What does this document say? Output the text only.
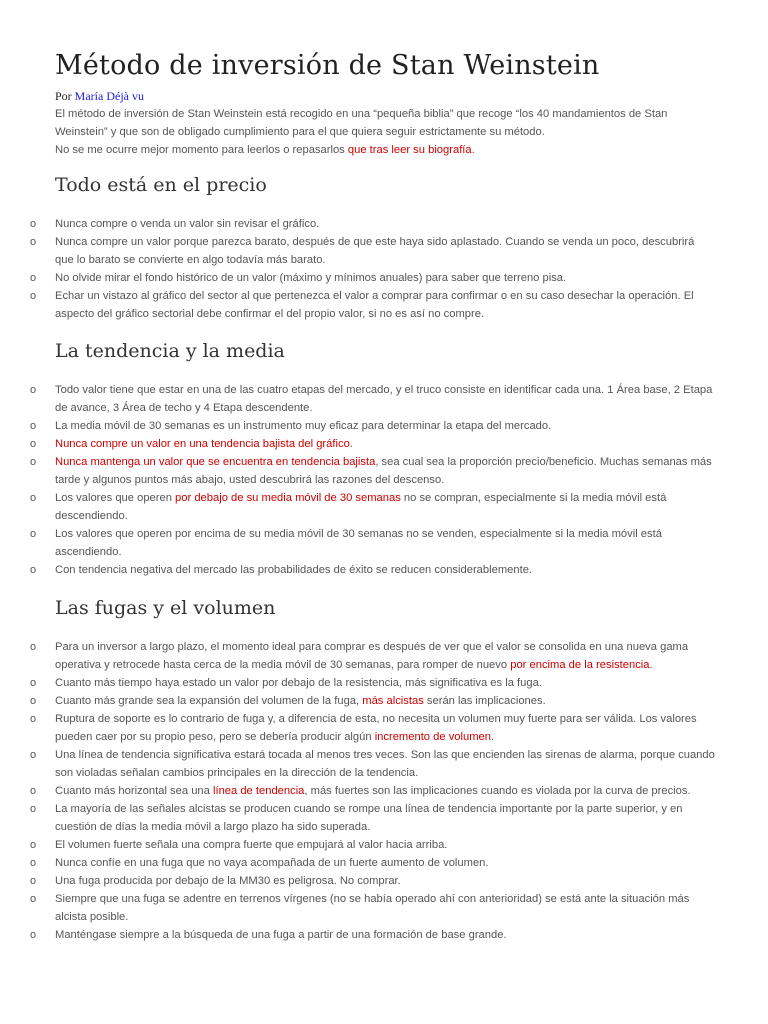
Método de inversión de Stan Weinstein
Por María Déjà vu

El método de inversión de Stan Weinstein está recogido en una “pequeña biblia” que recoge “los 40 mandamientos de Stan Weinstein” y que son de obligado cumplimiento para el que quiera seguir estrictamente su método.

No se me ocurre mejor momento para leerlos o repasarlos que tras leer su biografía.

Todo está en el precio
o Nunca compre o venda un valor sin revisar el gráfico.
o Nunca compre un valor porque parezca barato, después de que este haya sido aplastado. Cuando se venda un poco, descubrirá que lo barato se convierte en algo todavía más barato.
o No olvide mirar el fondo histórico de un valor (máximo y mínimos anuales) para saber que terreno pisa.
o Echar un vistazo al gráfico del sector al que pertenezca el valor a comprar para confirmar o en su caso desechar la operación. El aspecto del gráfico sectorial debe confirmar el del propio valor, si no es así no compre.
La tendencia y la media
o Todo valor tiene que estar en una de las cuatro etapas del mercado, y el truco consiste en identificar cada una. 1 Área base, 2 Etapa de avance, 3 Área de techo y 4 Etapa descendente.
o La media móvil de 30 semanas es un instrumento muy eficaz para determinar la etapa del mercado.
o Nunca compre un valor en una tendencia bajista del gráfico.
o Nunca mantenga un valor que se encuentra en tendencia bajista, sea cual sea la proporción precio/beneficio. Muchas semanas más tarde y algunos puntos más abajo, usted descubrirá las razones del descenso.
o Los valores que operen por debajo de su media móvil de 30 semanas no se compran, especialmente si la media móvil está descendiendo.
o Los valores que operen por encima de su media móvil de 30 semanas no se venden, especialmente si la media móvil está ascendiendo.
o Con tendencia negativa del mercado las probabilidades de éxito se reducen considerablemente.
Las fugas y el volumen
o Para un inversor a largo plazo, el momento ideal para comprar es después de ver que el valor se consolida en una nueva gama operativa y retrocede hasta cerca de la media móvil de 30 semanas, para romper de nuevo por encima de la resistencia.
o Cuanto más tiempo haya estado un valor por debajo de la resistencia, más significativa es la fuga.
o Cuanto más grande sea la expansión del volumen de la fuga, más alcistas serán las implicaciones.
o Ruptura de soporte es lo contrario de fuga y, a diferencia de esta, no necesita un volumen muy fuerte para ser válida. Los valores pueden caer por su propio peso, pero se debería producir algún incremento de volumen.
o Una línea de tendencia significativa estará tocada al menos tres veces. Son las que encienden las sirenas de alarma, porque cuando son violadas señalan cambios principales en la dirección de la tendencia.
o Cuanto más horizontal sea una línea de tendencia, más fuertes son las implicaciones cuando es violada por la curva de precios.
o La mayoría de las señales alcistas se producen cuando se rompe una línea de tendencia importante por la parte superior, y en cuestión de días la media móvil a largo plazo ha sido superada.
o El volumen fuerte señala una compra fuerte que empujará al valor hacia arriba.
o Nunca confíe en una fuga que no vaya acompañada de un fuerte aumento de volumen.
o Una fuga producida por debajo de la MM30 es peligrosa. No comprar.
o Siempre que una fuga se adentre en terrenos vírgenes (no se había operado ahí con anterioridad) se está ante la situación más alcista posible.
o Manténgase siempre a la búsqueda de una fuga a partir de una formación de base grande.
